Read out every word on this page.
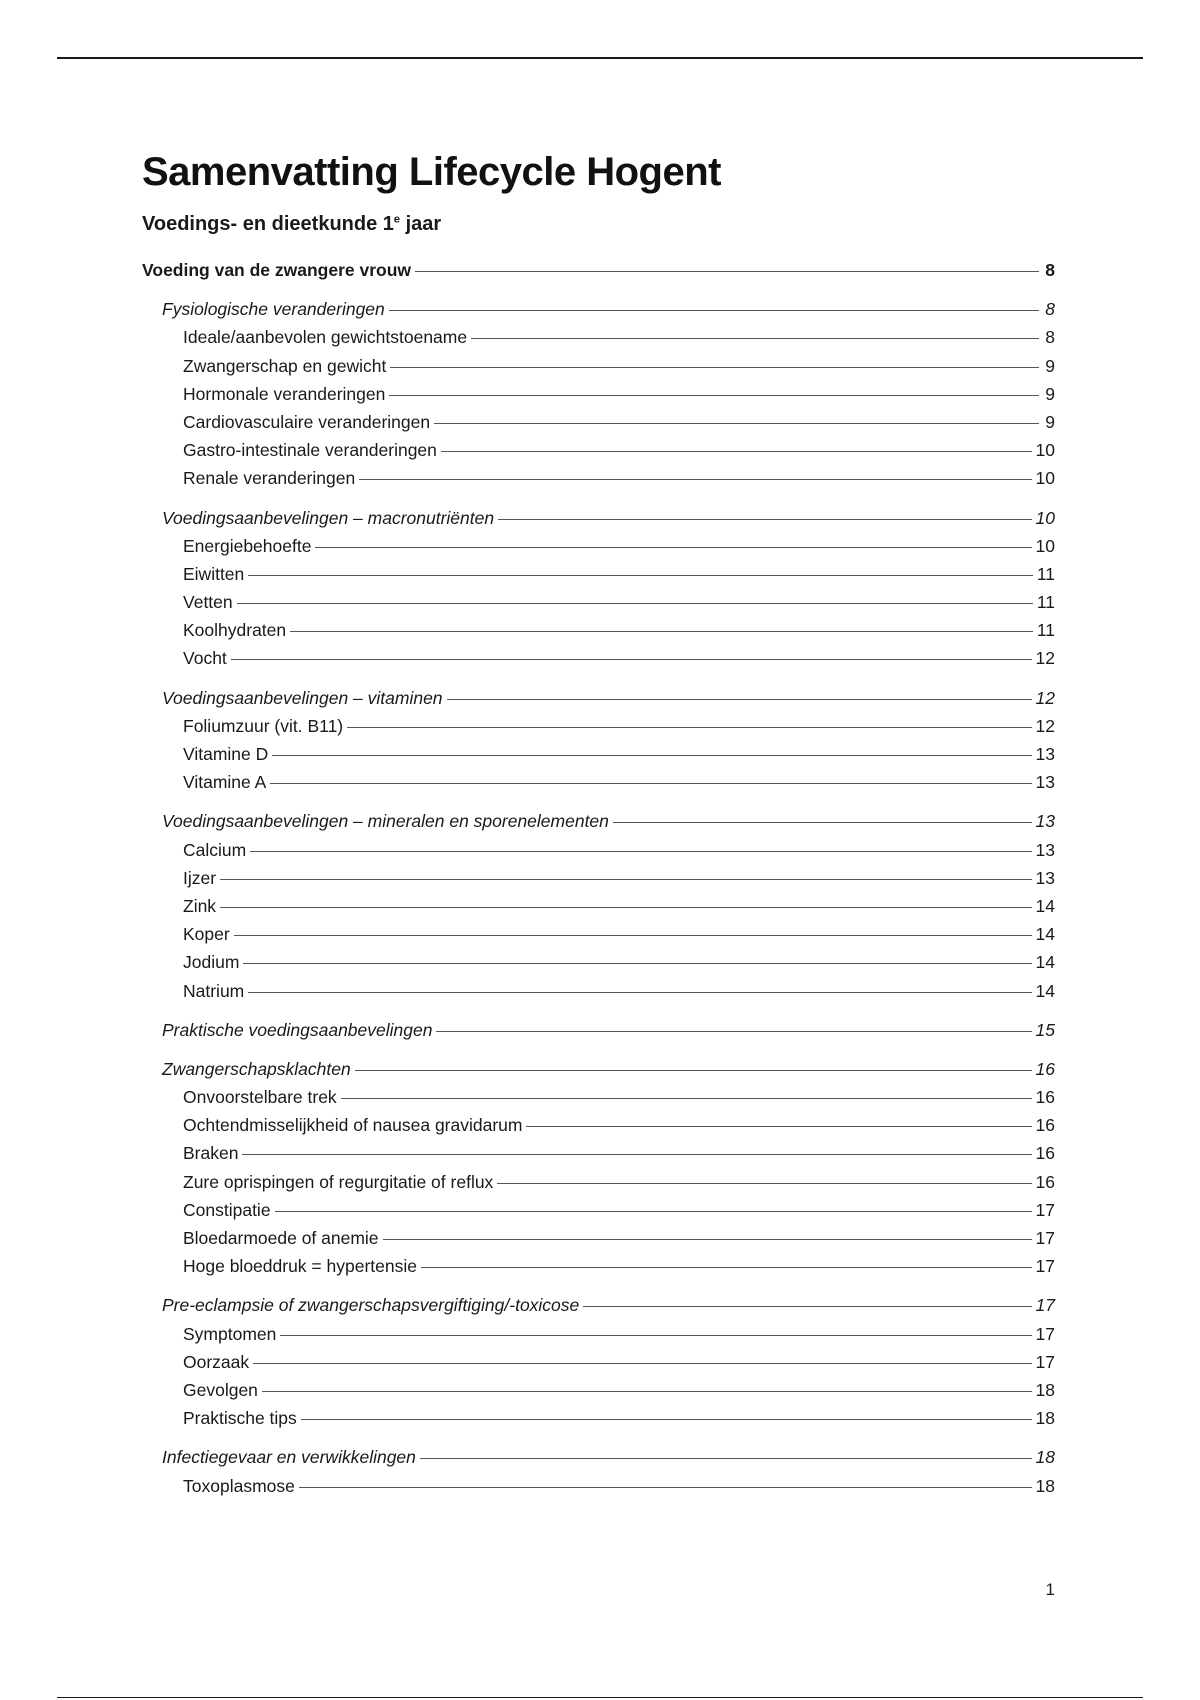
Samenvatting Lifecycle Hogent
Voedings- en dieetkunde 1e jaar
Voeding van de zwangere vrouw	8
Fysiologische veranderingen	8
Ideale/aanbevolen gewichtstoename	8
Zwangerschap en gewicht	9
Hormonale veranderingen	9
Cardiovasculaire veranderingen	9
Gastro-intestinale veranderingen	10
Renale veranderingen	10
Voedingsaanbevelingen – macronutriënten	10
Energiebehoefte	10
Eiwitten	11
Vetten	11
Koolhydraten	11
Vocht	12
Voedingsaanbevelingen – vitaminen	12
Foliumzuur (vit. B11)	12
Vitamine D	13
Vitamine A	13
Voedingsaanbevelingen – mineralen en sporenelementen	13
Calcium	13
Ijzer	13
Zink	14
Koper	14
Jodium	14
Natrium	14
Praktische voedingsaanbevelingen	15
Zwangerschapsklachten	16
Onvoorstelbare trek	16
Ochtendmisselijkheid of nausea gravidarum	16
Braken	16
Zure oprispingen of regurgitatie of reflux	16
Constipatie	17
Bloedarmoede of anemie	17
Hoge bloeddruk = hypertensie	17
Pre-eclampsie of zwangerschapsvergiftiging/-toxicose	17
Symptomen	17
Oorzaak	17
Gevolgen	18
Praktische tips	18
Infectiegevaar en verwikkelingen	18
Toxoplasmose	18
1
